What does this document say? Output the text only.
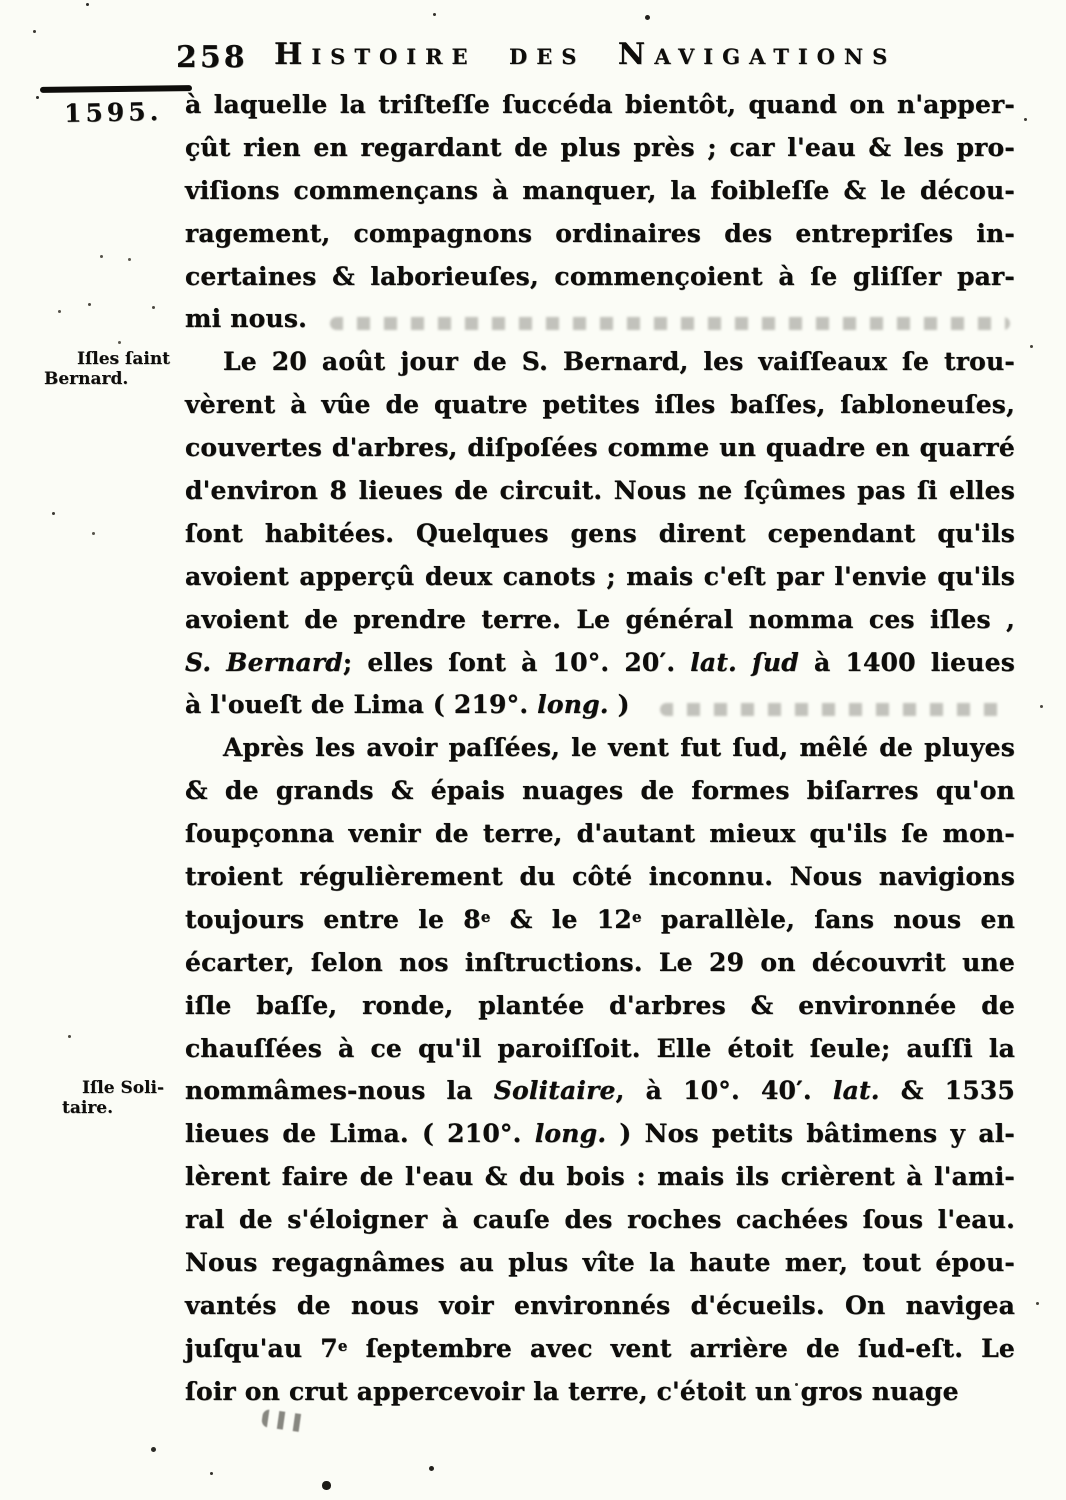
258 Histoire des Navigations
1595.
Iſles ſaint
Bernard.
Iſle Soli-
taire.
à laquelle la triſteſſe ſuccéda bientôt, quand on n'apper-
çût rien en regardant de plus près ; car l'eau & les pro-
viſions commençans à manquer, la foibleſſe & le décou-
ragement, compagnons ordinaires des entrepriſes in-
certaines & laborieuſes, commençoient à ſe gliſſer par-
mi nous.
Le 20 août jour de S. Bernard, les vaiſſeaux ſe trou-
vèrent à vûe de quatre petites iſles baſſes, ſabloneuſes,
couvertes d'arbres, diſpoſées comme un quadre en quarré
d'environ 8 lieues de circuit. Nous ne ſçûmes pas ſi elles
ſont habitées. Quelques gens dirent cependant qu'ils
avoient apperçû deux canots ; mais c'eſt par l'envie qu'ils
avoient de prendre terre. Le général nomma ces iſles ,
S. Bernard; elles ſont à 10°. 20′. lat. ſud à 1400 lieues
à l'oueſt de Lima ( 219°. long. )
Après les avoir paſſées, le vent fut ſud, mêlé de pluyes
& de grands & épais nuages de formes biſarres qu'on
ſoupçonna venir de terre, d'autant mieux qu'ils ſe mon-
troient régulièrement du côté inconnu. Nous navigions
toujours entre le 8e & le 12e parallèle, ſans nous en
écarter, ſelon nos inſtructions. Le 29 on découvrit une
iſle baſſe, ronde, plantée d'arbres & environnée de
chauſſées à ce qu'il paroiſſoit. Elle étoit ſeule; auſſi la
nommâmes-nous la Solitaire, à 10°. 40′. lat. & 1535
lieues de Lima. ( 210°. long. ) Nos petits bâtimens y al-
lèrent faire de l'eau & du bois : mais ils crièrent à l'ami-
ral de s'éloigner à cauſe des roches cachées ſous l'eau.
Nous regagnâmes au plus vîte la haute mer, tout épou-
vantés de nous voir environnés d'écueils. On navigea
juſqu'au 7e ſeptembre avec vent arrière de ſud-eſt. Le
ſoir on crut appercevoir la terre, c'étoit un gros nuage
